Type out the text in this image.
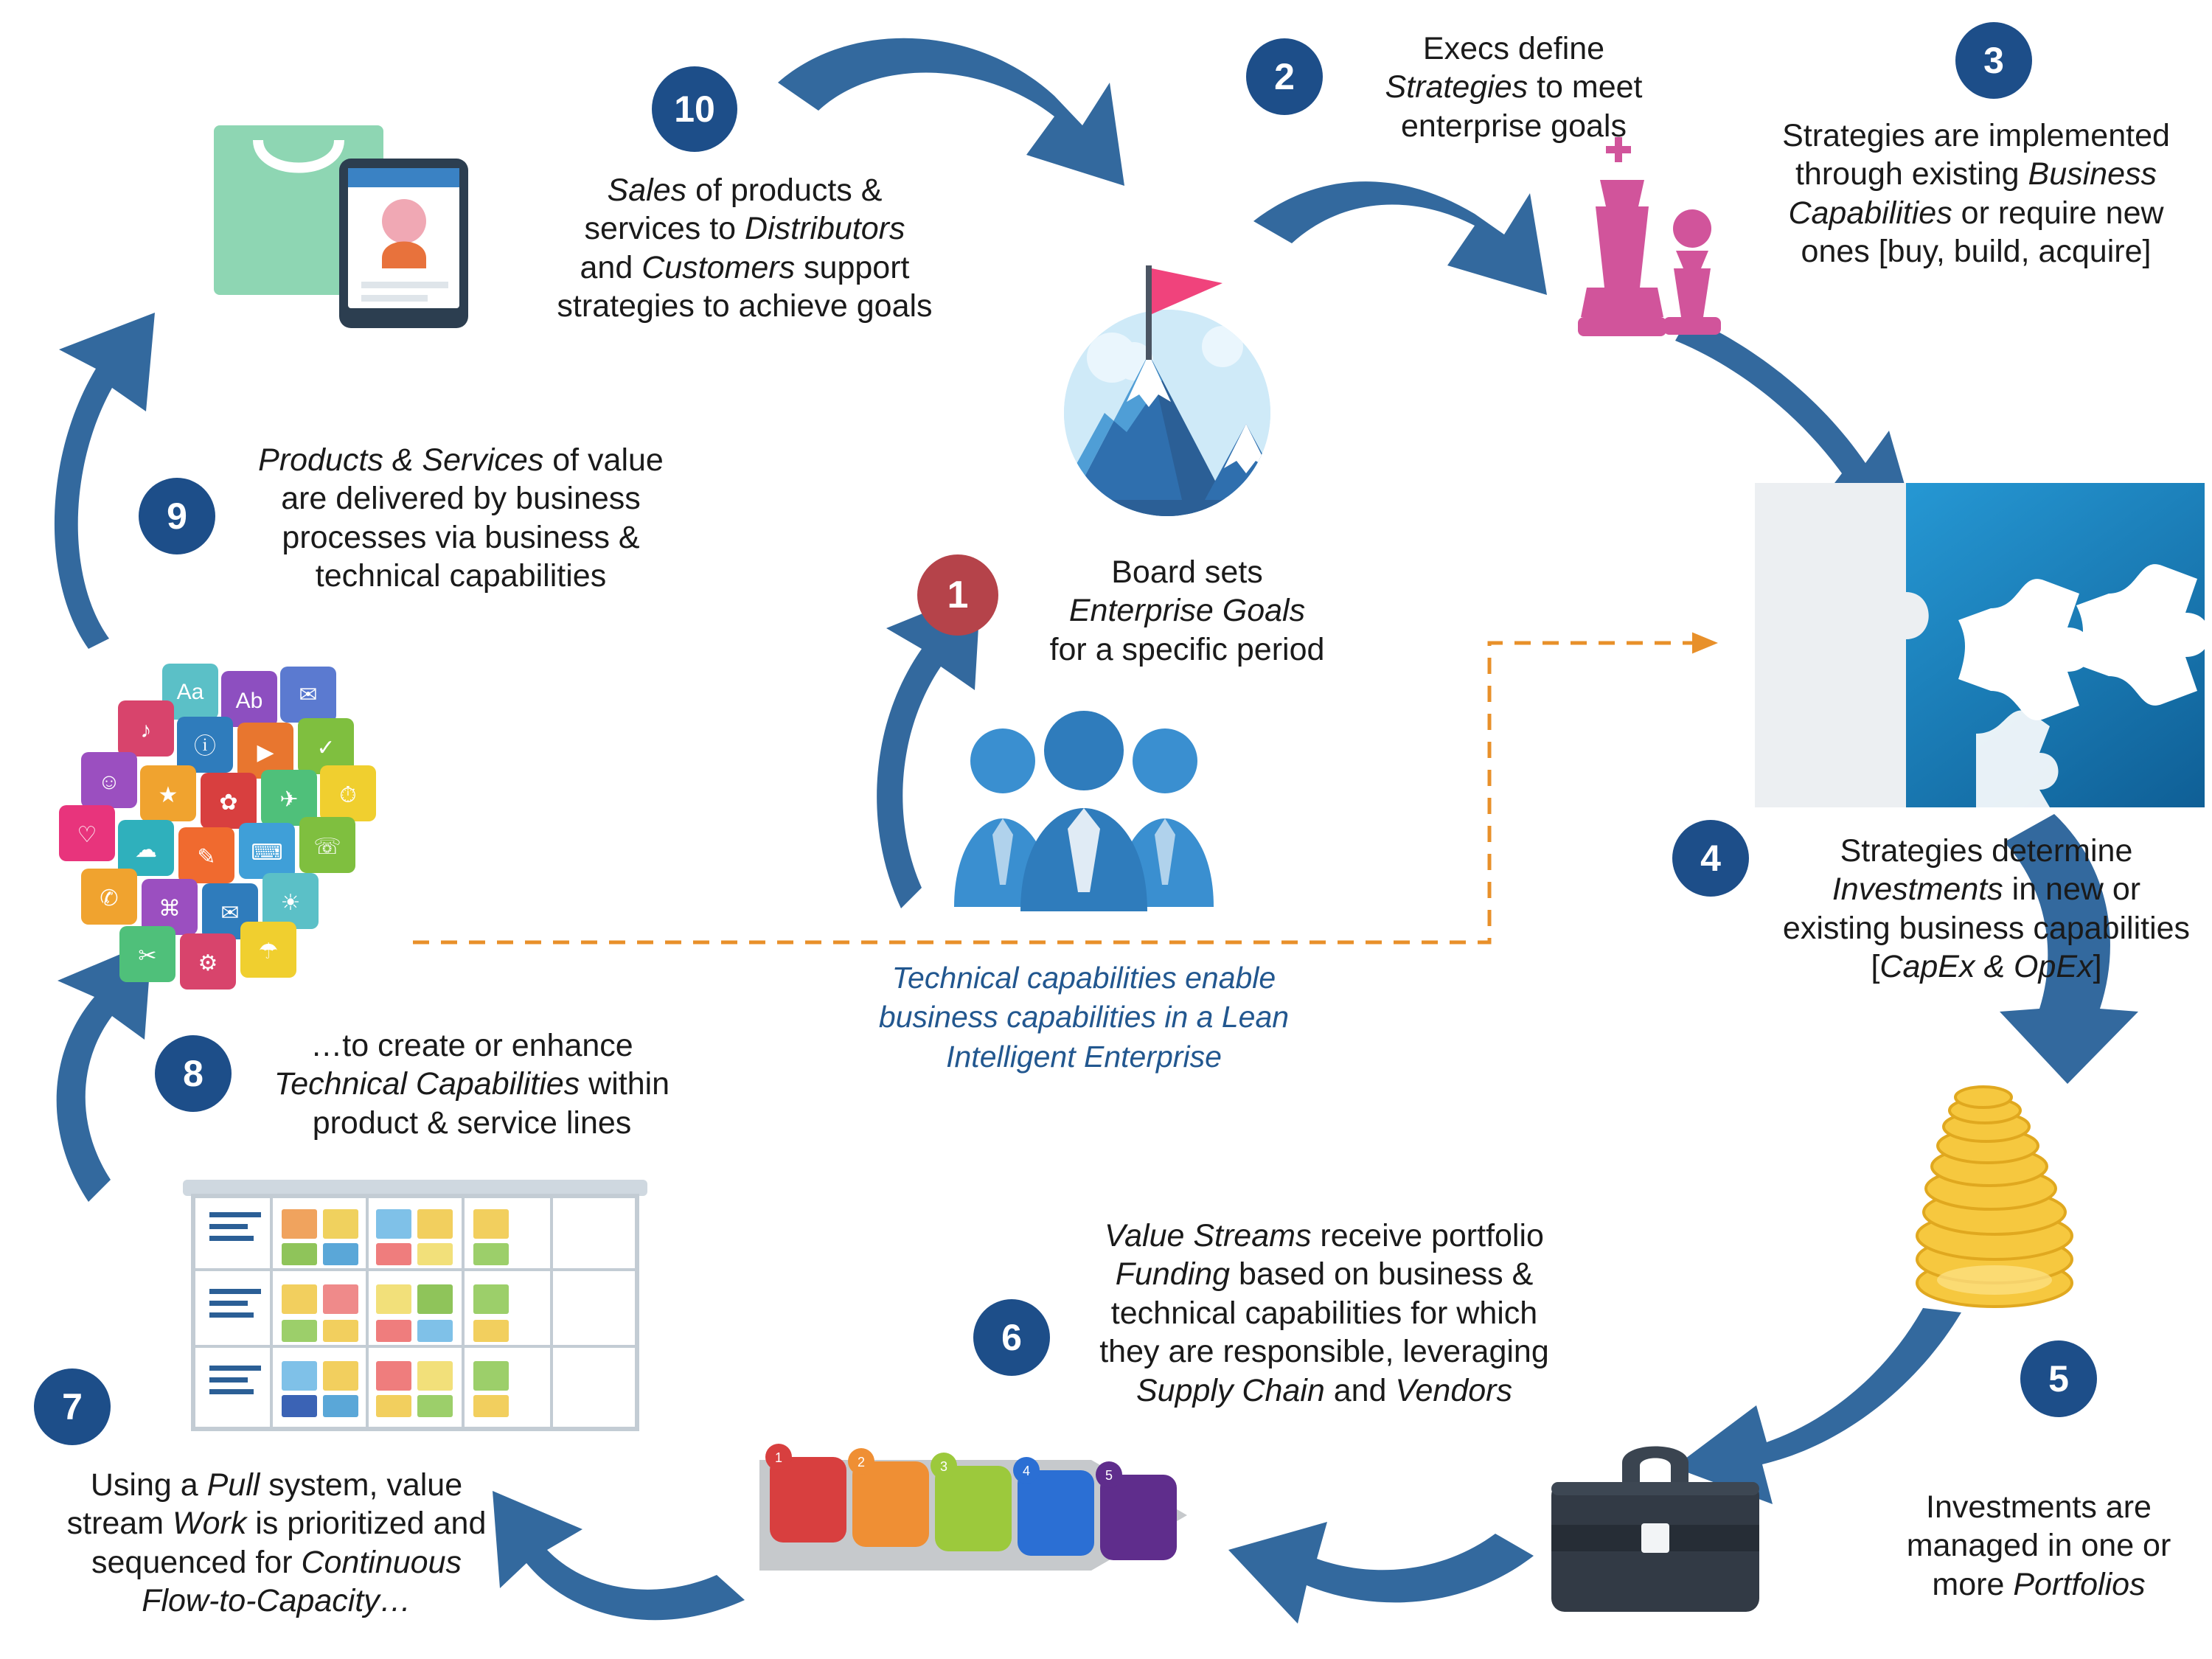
1	2	3	4	5
Aa Ab ✉
♪
ⓘ ▶ ✓
☺
★ ✿ ✈ ⏱
♡
☁ ✎ ⌨ ☏
✆ ⌘ ✉ ☀
✂ ⚙ ☂
1
2	3
4
5
6
7
8
9
10
Board sets
Enterprise Goals
for a specific period
Execs define
Strategies to meet
enterprise goals	Strategies are implemented
through existing Business
Capabilities or require new
ones [buy, build, acquire]
Strategies determine
Investments in new or
existing business capabilities
[CapEx & OpEx]
Investments are
managed in one or
more Portfolios
Value Streams receive portfolio
Funding based on business &
technical capabilities for which
they are responsible, leveraging
Supply Chain and Vendors
Using a Pull system, value
stream Work is prioritized and
sequenced for Continuous
Flow-to-Capacity…
…to create or enhance
Technical Capabilities within
product & service lines
Products & Services of value
are delivered by business
processes via business &
technical capabilities
Sales of products &
services to Distributors
and Customers support
strategies to achieve goals
Technical capabilities enable
business capabilities in a Lean
Intelligent Enterprise
